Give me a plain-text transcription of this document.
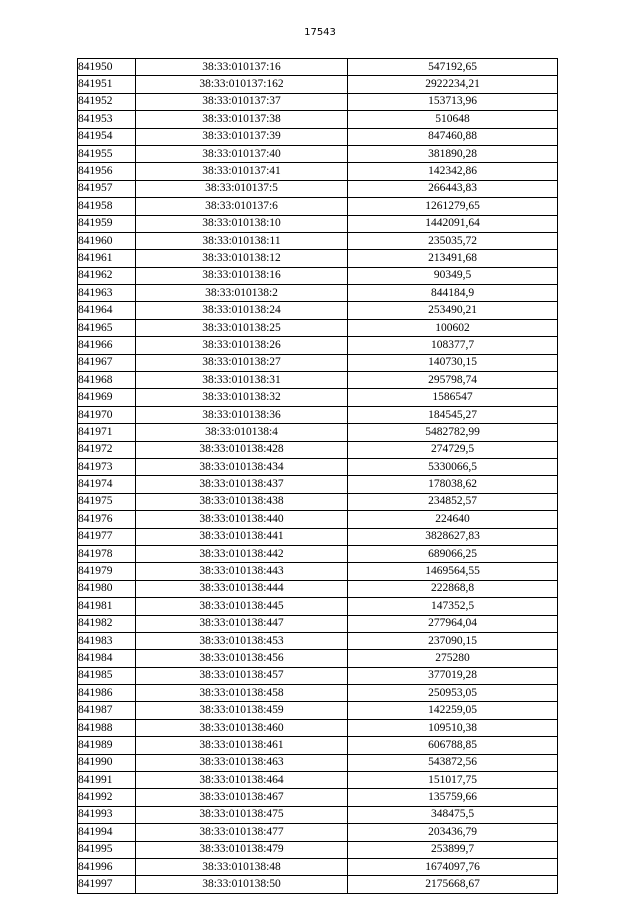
17543
841950	38:33:010137:16	547192,65
841951	38:33:010137:162	2922234,21
841952	38:33:010137:37	153713,96
841953	38:33:010137:38	510648
841954	38:33:010137:39	847460,88
841955	38:33:010137:40	381890,28
841956	38:33:010137:41	142342,86
841957	38:33:010137:5	266443,83
841958	38:33:010137:6	1261279,65
841959	38:33:010138:10	1442091,64
841960	38:33:010138:11	235035,72
841961	38:33:010138:12	213491,68
841962	38:33:010138:16	90349,5
841963	38:33:010138:2	844184,9
841964	38:33:010138:24	253490,21
841965	38:33:010138:25	100602
841966	38:33:010138:26	108377,7
841967	38:33:010138:27	140730,15
841968	38:33:010138:31	295798,74
841969	38:33:010138:32	1586547
841970	38:33:010138:36	184545,27
841971	38:33:010138:4	5482782,99
841972	38:33:010138:428	274729,5
841973	38:33:010138:434	5330066,5
841974	38:33:010138:437	178038,62
841975	38:33:010138:438	234852,57
841976	38:33:010138:440	224640
841977	38:33:010138:441	3828627,83
841978	38:33:010138:442	689066,25
841979	38:33:010138:443	1469564,55
841980	38:33:010138:444	222868,8
841981	38:33:010138:445	147352,5
841982	38:33:010138:447	277964,04
841983	38:33:010138:453	237090,15
841984	38:33:010138:456	275280
841985	38:33:010138:457	377019,28
841986	38:33:010138:458	250953,05
841987	38:33:010138:459	142259,05
841988	38:33:010138:460	109510,38
841989	38:33:010138:461	606788,85
841990	38:33:010138:463	543872,56
841991	38:33:010138:464	151017,75
841992	38:33:010138:467	135759,66
841993	38:33:010138:475	348475,5
841994	38:33:010138:477	203436,79
841995	38:33:010138:479	253899,7
841996	38:33:010138:48	1674097,76
841997	38:33:010138:50	2175668,67
